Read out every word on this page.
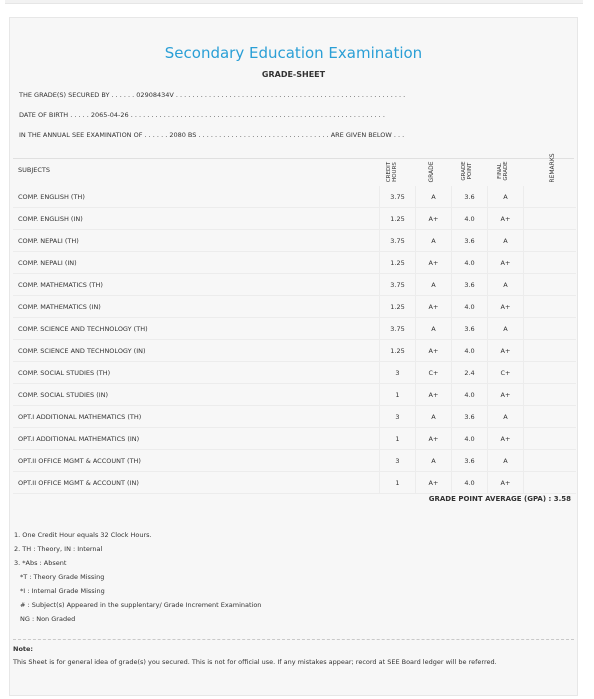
Secondary Education Examination
GRADE-SHEET
THE GRADE(S) SECURED BY . . . . . . 02908434V . . . . . . . . . . . . . . . . . . . . . . . . . . . . . . . . . . . . . . . . . . . . . . . . . . . . . . . .
DATE OF BIRTH . . . . . 2065-04-26 . . . . . . . . . . . . . . . . . . . . . . . . . . . . . . . . . . . . . . . . . . . . . . . . . . . . . . . . . . . . . .
IN THE ANNUAL SEE EXAMINATION OF . . . . . . 2080 BS . . . . . . . . . . . . . . . . . . . . . . . . . . . . . . . . ARE GIVEN BELOW . . .
SUBJECTS	CREDIT HOURS	GRADE	GRADE POINT	FINAL GRADE	REMARKS
COMP. ENGLISH (TH)	3.75	A	3.6	A	
COMP. ENGLISH (IN)	1.25	A+	4.0	A+	
COMP. NEPALI (TH)	3.75	A	3.6	A	
COMP. NEPALI (IN)	1.25	A+	4.0	A+	
COMP. MATHEMATICS (TH)	3.75	A	3.6	A	
COMP. MATHEMATICS (IN)	1.25	A+	4.0	A+	
COMP. SCIENCE AND TECHNOLOGY (TH)	3.75	A	3.6	A	
COMP. SCIENCE AND TECHNOLOGY (IN)	1.25	A+	4.0	A+	
COMP. SOCIAL STUDIES (TH)	3	C+	2.4	C+	
COMP. SOCIAL STUDIES (IN)	1	A+	4.0	A+	
OPT.I ADDITIONAL MATHEMATICS (TH)	3	A	3.6	A	
OPT.I ADDITIONAL MATHEMATICS (IN)	1	A+	4.0	A+	
OPT.II OFFICE MGMT & ACCOUNT (TH)	3	A	3.6	A	
OPT.II OFFICE MGMT & ACCOUNT (IN)	1	A+	4.0	A+	
GRADE POINT AVERAGE (GPA) : 3.58
1. One Credit Hour equals 32 Clock Hours.
2. TH : Theory, IN : Internal
3. *Abs : Absent
*T : Theory Grade Missing
*I : Internal Grade Missing
# : Subject(s) Appeared in the supplentary/ Grade Increment Examination
NG : Non Graded
Note:
This Sheet is for general idea of grade(s) you secured. This is not for official use. If any mistakes appear; record at SEE Board ledger will be referred.
